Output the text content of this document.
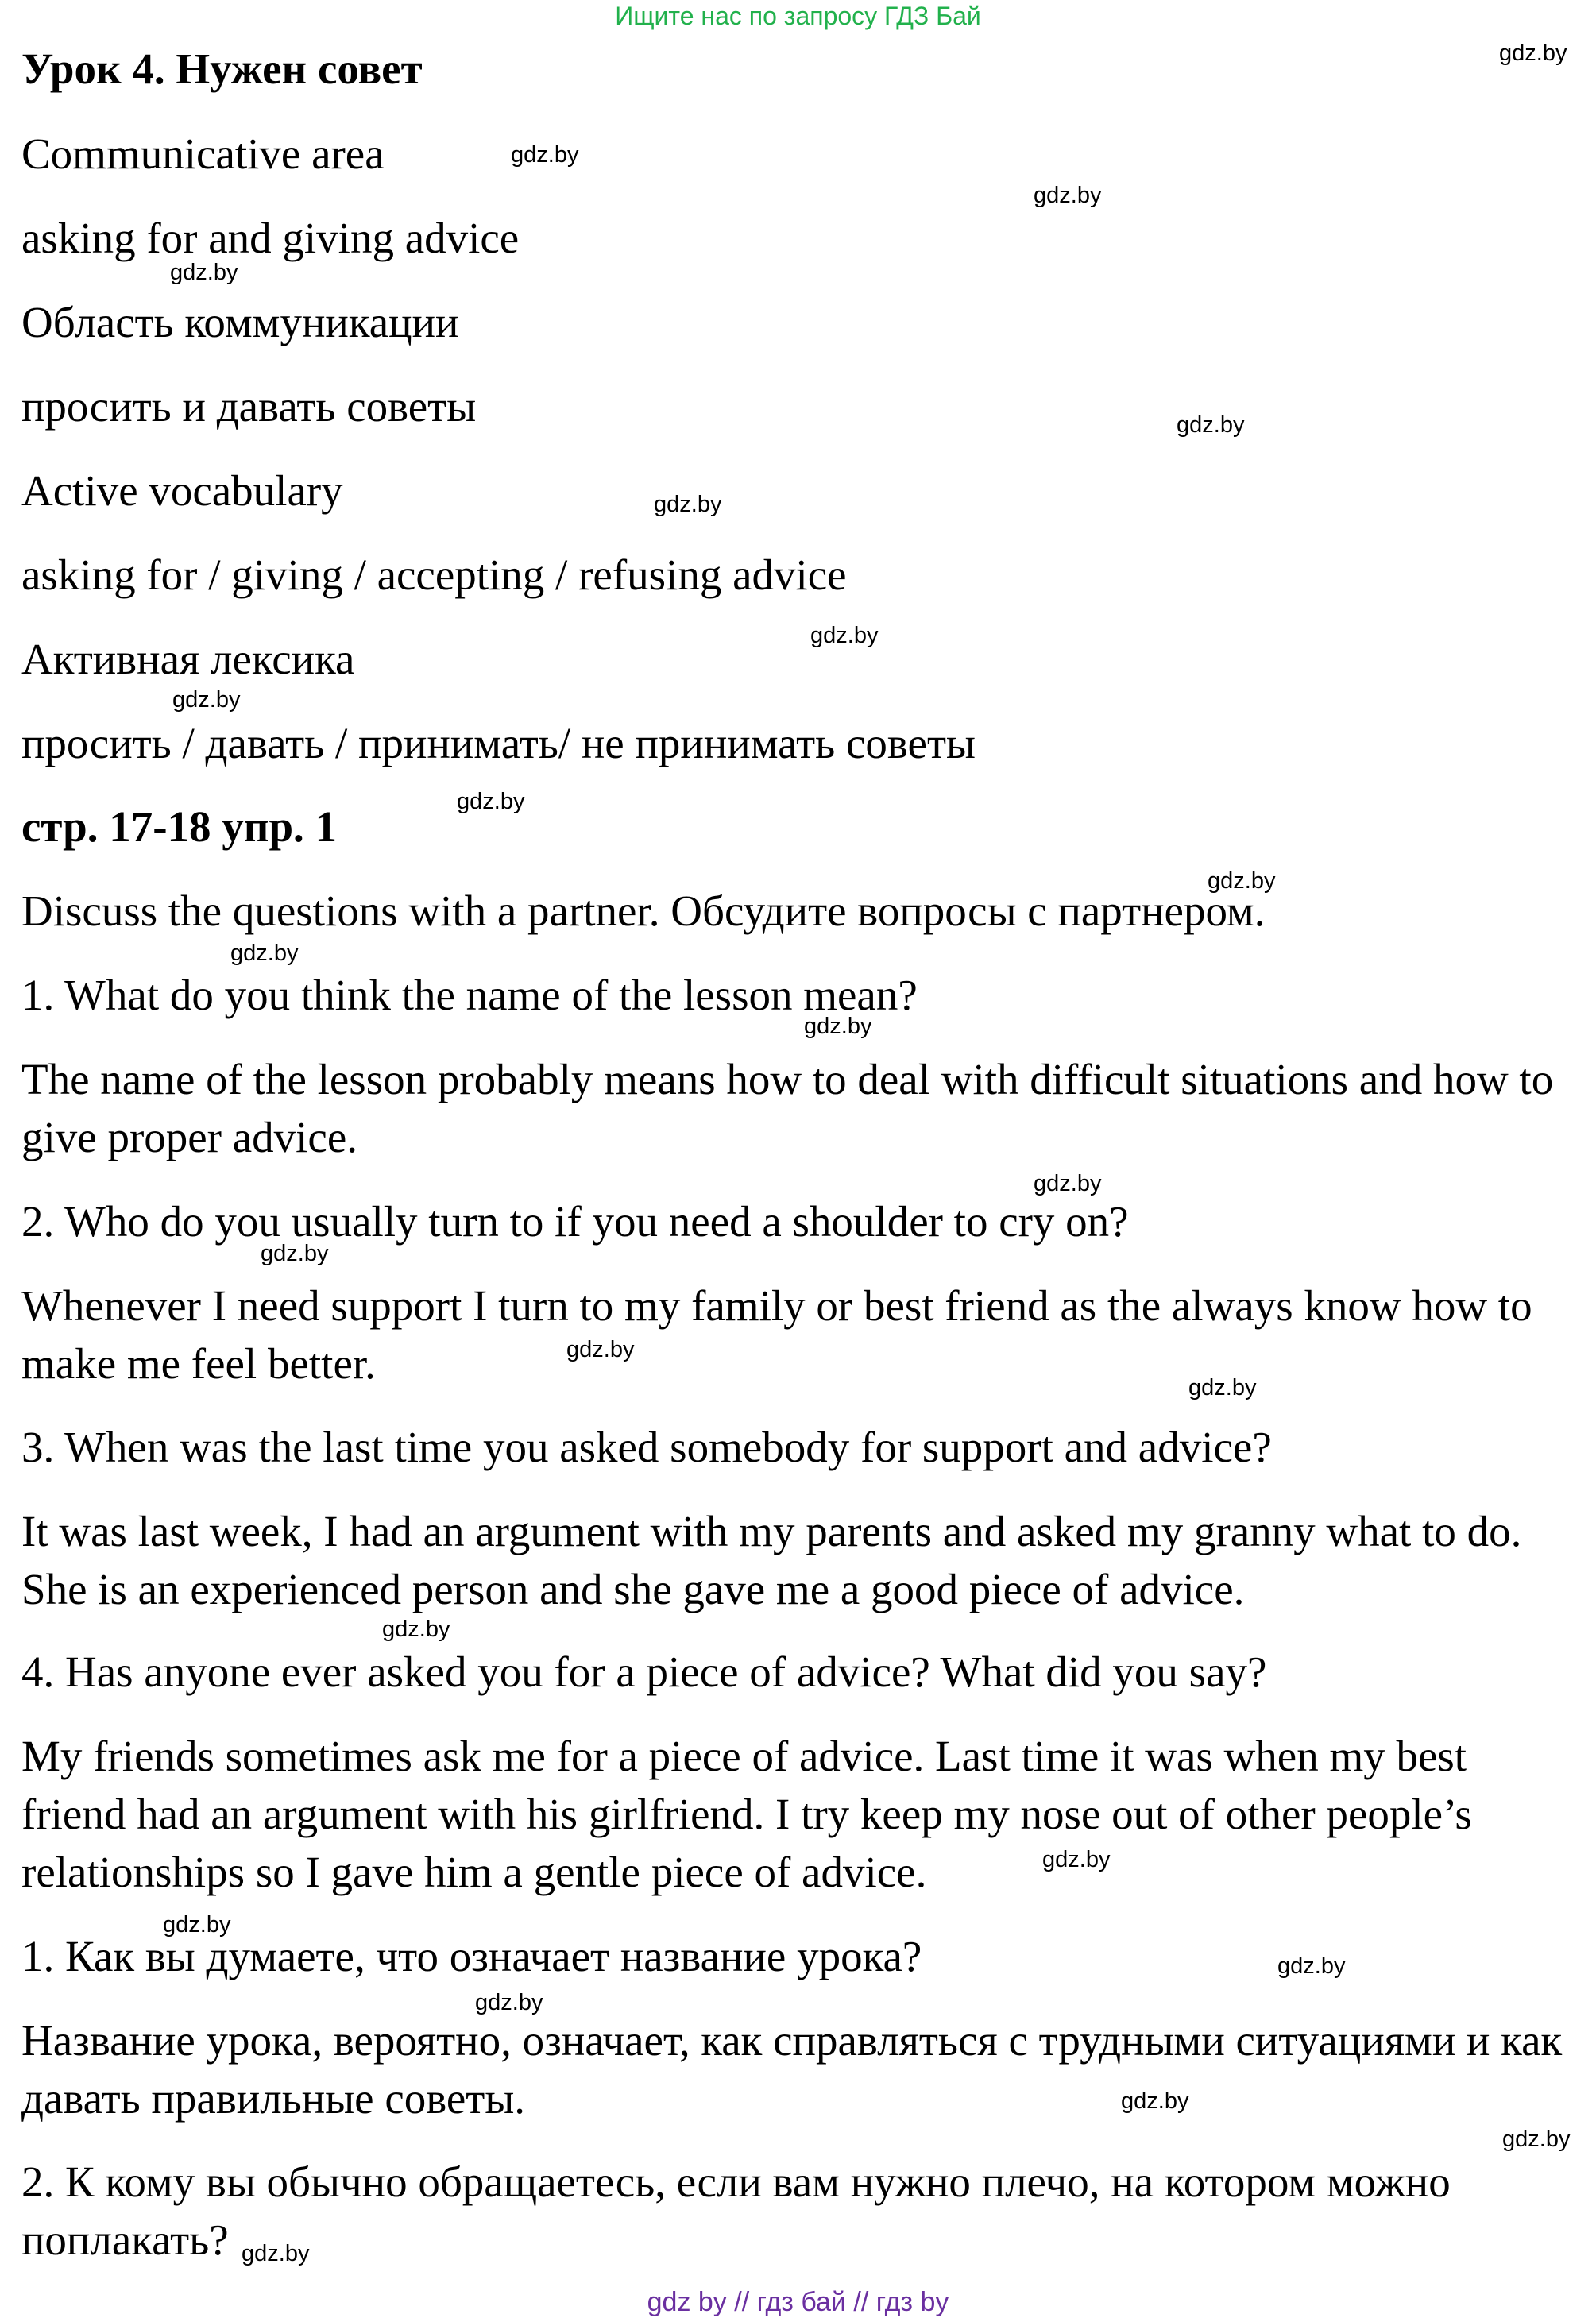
Ищите нас по запросу ГДЗ Бай
Урок 4. Нужен совет
Communicative area
asking for and giving advice
Область коммуникации
просить и давать советы
Active vocabulary
asking for / giving / accepting / refusing advice
Активная лексика
просить / давать / принимать/ не принимать советы
стр. 17-18 упр. 1
Discuss the questions with a partner. Обсудите вопросы с партнером.
1. What do you think the name of the lesson mean?
The name of the lesson probably means how to deal with difficult situations and how to give proper advice.
2. Who do you usually turn to if you need a shoulder to cry on?
Whenever I need support I turn to my family or best friend as the always know how to make me feel better.
3. When was the last time you asked somebody for support and advice?
It was last week, I had an argument with my parents and asked my granny what to do. She is an experienced person and she gave me a good piece of advice.
4. Has anyone ever asked you for a piece of advice? What did you say?
My friends sometimes ask me for a piece of advice. Last time it was when my best friend had an argument with his girlfriend. I try keep my nose out of other people’s relationships so I gave him a gentle piece of advice.
1. Как вы думаете, что означает название урока?
Название урока, вероятно, означает, как справляться с трудными ситуациями и как давать правильные советы.
2. К кому вы обычно обращаетесь, если вам нужно плечо, на котором можно поплакать?
gdz.by
gdz.by
gdz.by
gdz.by
gdz.by
gdz.by
gdz.by
gdz.by
gdz.by
gdz.by
gdz.by
gdz.by
gdz.by
gdz.by
gdz.by
gdz.by
gdz.by
gdz.by
gdz.by
gdz.by
gdz.by
gdz.by
gdz.by
gdz.by
gdz by // гдз бай // гдз by
